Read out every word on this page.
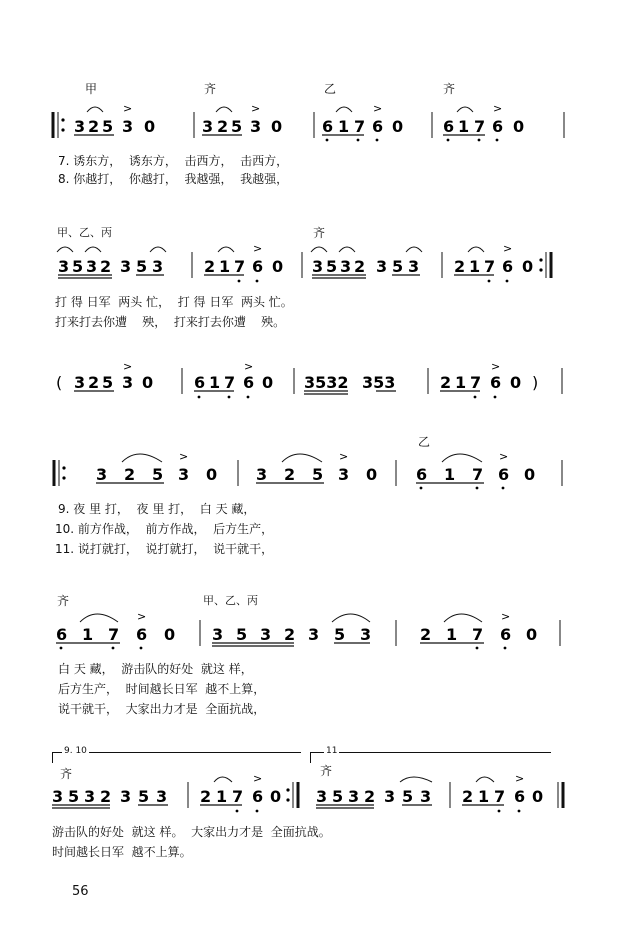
甲	齐	乙	齐
3 2 5 3 0
>
3 2 5 3 0
>
6 1 7 6 0
>
6 1 7 6 0
>
7. 诱东方，  诱东方，  击西方，  击西方，
8. 你越打，  你越打，  我越强，  我越强，
甲、乙、丙	齐
3 5 3 2 3 5 3	2 1 7 6 0
>
3 5 3 2 3 5 3 2 1 7 6 0
>
打 得 日军  两头 忙，  打 得 日军  两头 忙。
打来打去你遭    殃，  打来打去你遭    殃。
( 3 2 5 3 0
>
6 1 7 6 0
>
3532 353	2 1 7 6 0
>
)
乙
3 2 5 3 0
>
3 2 5 3 0
>
6 1 7 6 0
>
9. 夜 里 打，  夜 里 打，  白 天 藏，
10. 前方作战，  前方作战，  后方生产，
11. 说打就打，  说打就打，  说干就干，
齐	甲、乙、丙
6 1 7 6 0
>
3 5 3 2 3 5 3	2 1 7 6 0
>
白 天 藏，  游击队的好处  就这 样，
后方生产，  时间越长日军  越不上算，
说干就干，  大家出力才是  全面抗战，
9. 10	11
齐	齐
3 5 3 2 3 5 3 2 1 7 6 0
>
3 5 3 2 3 5 3 2 1 7 6 0
>
游击队的好处  就这 样。  大家出力才是  全面抗战。
时间越长日军  越不上算。
56
